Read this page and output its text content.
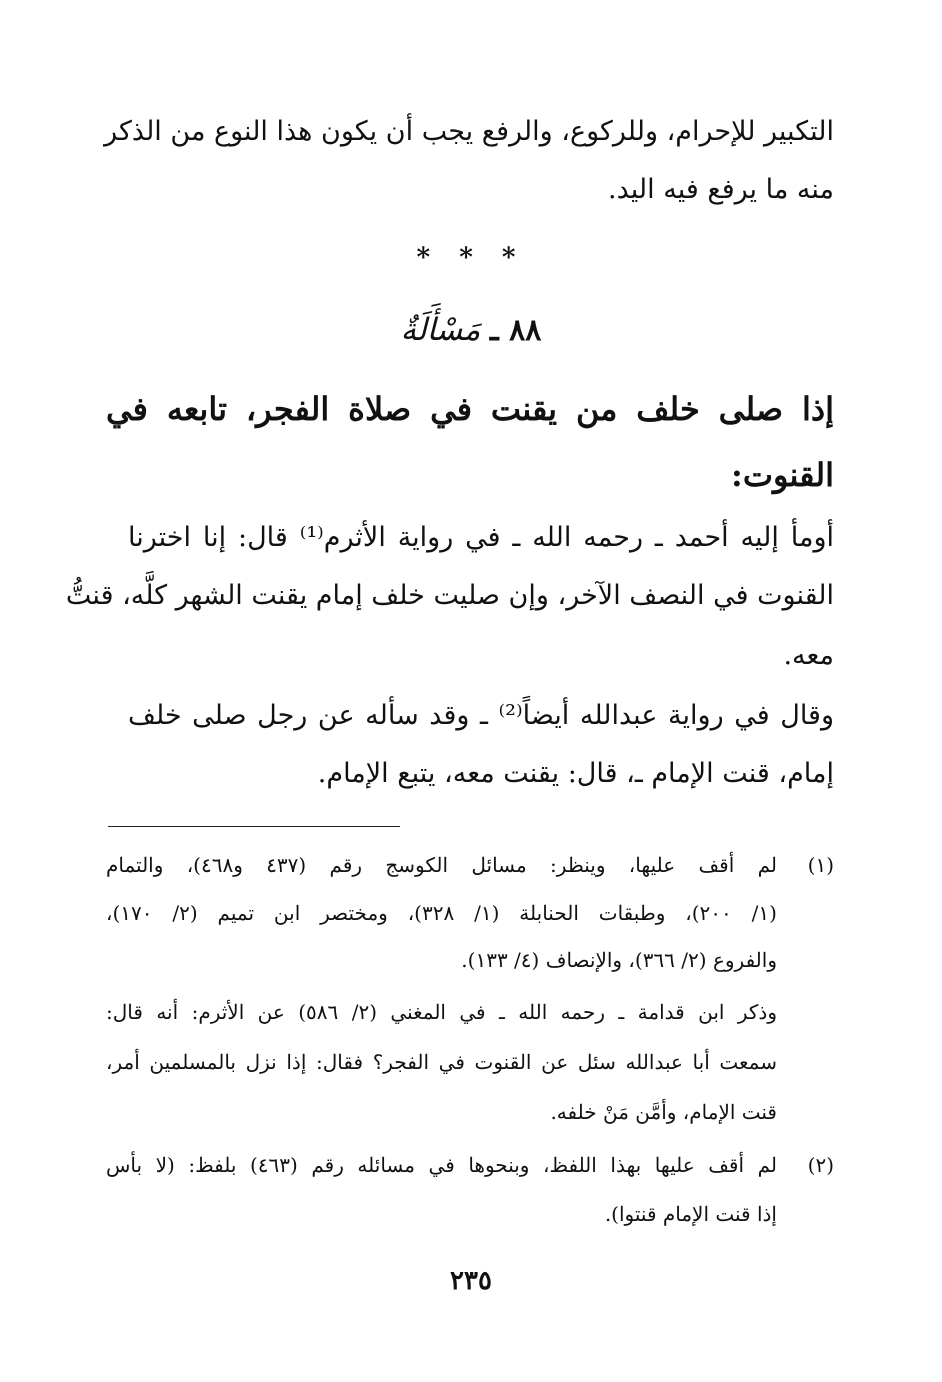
التكبير للإحرام، وللركوع، والرفع يجب أن يكون هذا النوع من الذكر
منه ما يرفع فيه اليد.
* * *
٨٨ ـ مَسْأَلَةٌ
إذا صلى خلف من يقنت في صلاة الفجر، تابعه في
القنوت:
أومأ إليه أحمد ـ رحمه الله ـ في رواية الأثرم⁽¹⁾ قال: إنا اخترنا
القنوت في النصف الآخر، وإن صليت خلف إمام يقنت الشهر كلَّه، قنتُّ
معه.
وقال في رواية عبدالله أيضاً⁽²⁾ ـ وقد سأله عن رجل صلى خلف
إمام، قنت الإمام ـ، قال: يقنت معه، يتبع الإمام.
(١)
لم أقف عليها، وينظر: مسائل الكوسج رقم (٤٣٧ و٤٦٨)، والتمام
(١/ ٢٠٠)، وطبقات الحنابلة (١/ ٣٢٨)، ومختصر ابن تميم (٢/ ١٧٠)،
والفروع (٢/ ٣٦٦)، والإنصاف (٤/ ١٣٣).
وذكر ابن قدامة ـ رحمه الله ـ في المغني (٢/ ٥٨٦) عن الأثرم: أنه قال:
سمعت أبا عبدالله سئل عن القنوت في الفجر؟ فقال: إذا نزل بالمسلمين أمر،
قنت الإمام، وأمَّن مَنْ خلفه.
(٢)
لم أقف عليها بهذا اللفظ، وبنحوها في مسائله رقم (٤٦٣) بلفظ: (لا بأس
إذا قنت الإمام قنتوا).
٢٣٥
